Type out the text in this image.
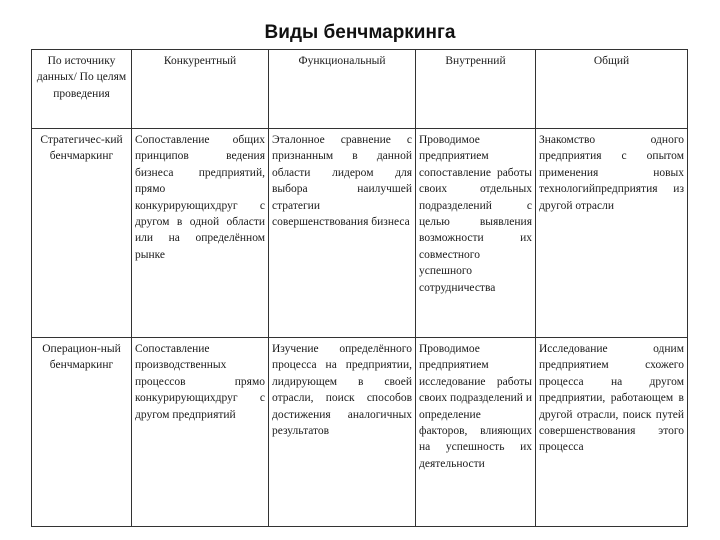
Виды бенчмаркинга
По источнику данных/ По целям проведения	Конкурентный	Функциональный	Внутренний	Общий
Стратегичес-кий бенчмаркинг	Сопоставление общих принципов ведения бизнеса предприятий, прямо конкурирующихдруг с другом в одной области или на определённом рынке	Эталонное сравнение с признанным в данной области лидером для выбора наилучшей стратегии совершенствования бизнеса	Проводимое предприятием сопоставление работы своих отдельных подразделений с целью выявления возможности их совместного успешного сотрудничества	Знакомство одного предприятия с опытом применения новых технологийпредприятия из другой отрасли
Операцион-ный бенчмаркинг	Сопоставление производственных процессов прямо конкурирующихдруг с другом предприятий	Изучение определённого процесса на предприятии, лидирующем в своей отрасли, поиск способов достижения аналогичных результатов	Проводимое предприятием исследование работы своих подразделений и определение факторов, влияющих на успешность их деятельности	Исследование одним предприятием схожего процесса на другом предприятии, работающем в другой отрасли, поиск путей совершенствования этого процесса
